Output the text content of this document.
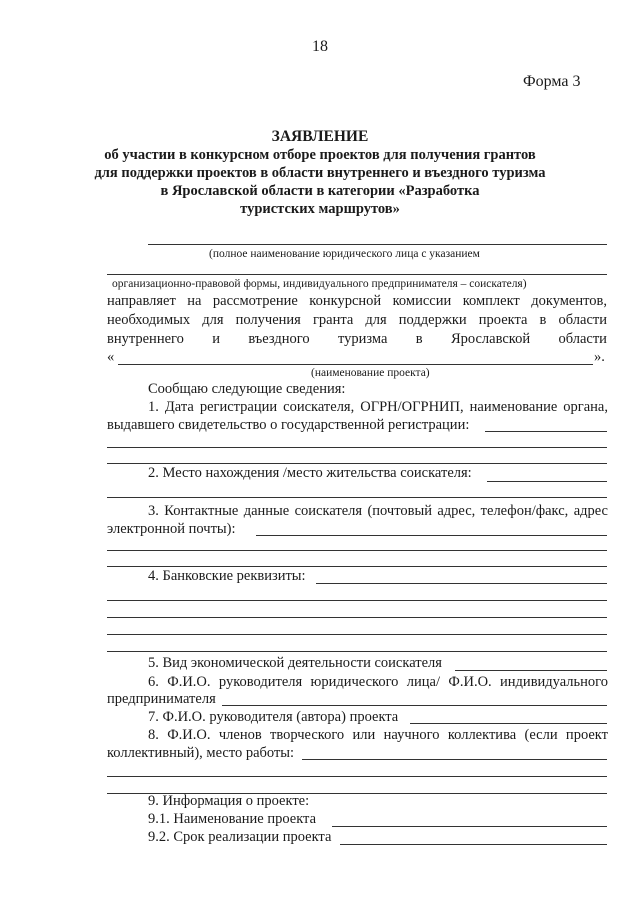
18
Форма 3
ЗАЯВЛЕНИЕ
об участии в конкурсном отборе проектов для получения грантов
для поддержки проектов в области внутреннего и въездного туризма
в Ярославской области в категории «Разработка
туристских маршрутов»
(полное наименование юридического лица с указанием
организационно-правовой формы, индивидуального предпринимателя – соискателя)
направляет на рассмотрение конкурсной комиссии комплект документов,
необходимых для получения гранта для поддержки проекта в области
внутреннего и въездного туризма в Ярославской области
«	».
(наименование проекта)
Сообщаю следующие сведения:
1. Дата регистрации соискателя, ОГРН/ОГРНИП, наименование органа,
выдавшего свидетельство о государственной регистрации:
2. Место нахождения /место жительства соискателя:
3. Контактные данные соискателя (почтовый адрес, телефон/факс, адрес
электронной почты):
4. Банковские реквизиты:
5. Вид экономической деятельности соискателя
6. Ф.И.О. руководителя юридического лица/ Ф.И.О. индивидуального
предпринимателя
7. Ф.И.О. руководителя (автора) проекта
8. Ф.И.О. членов творческого или научного коллектива (если проект
коллективный), место работы:
9. Информация о проекте:
9.1. Наименование проекта
9.2. Срок реализации проекта
